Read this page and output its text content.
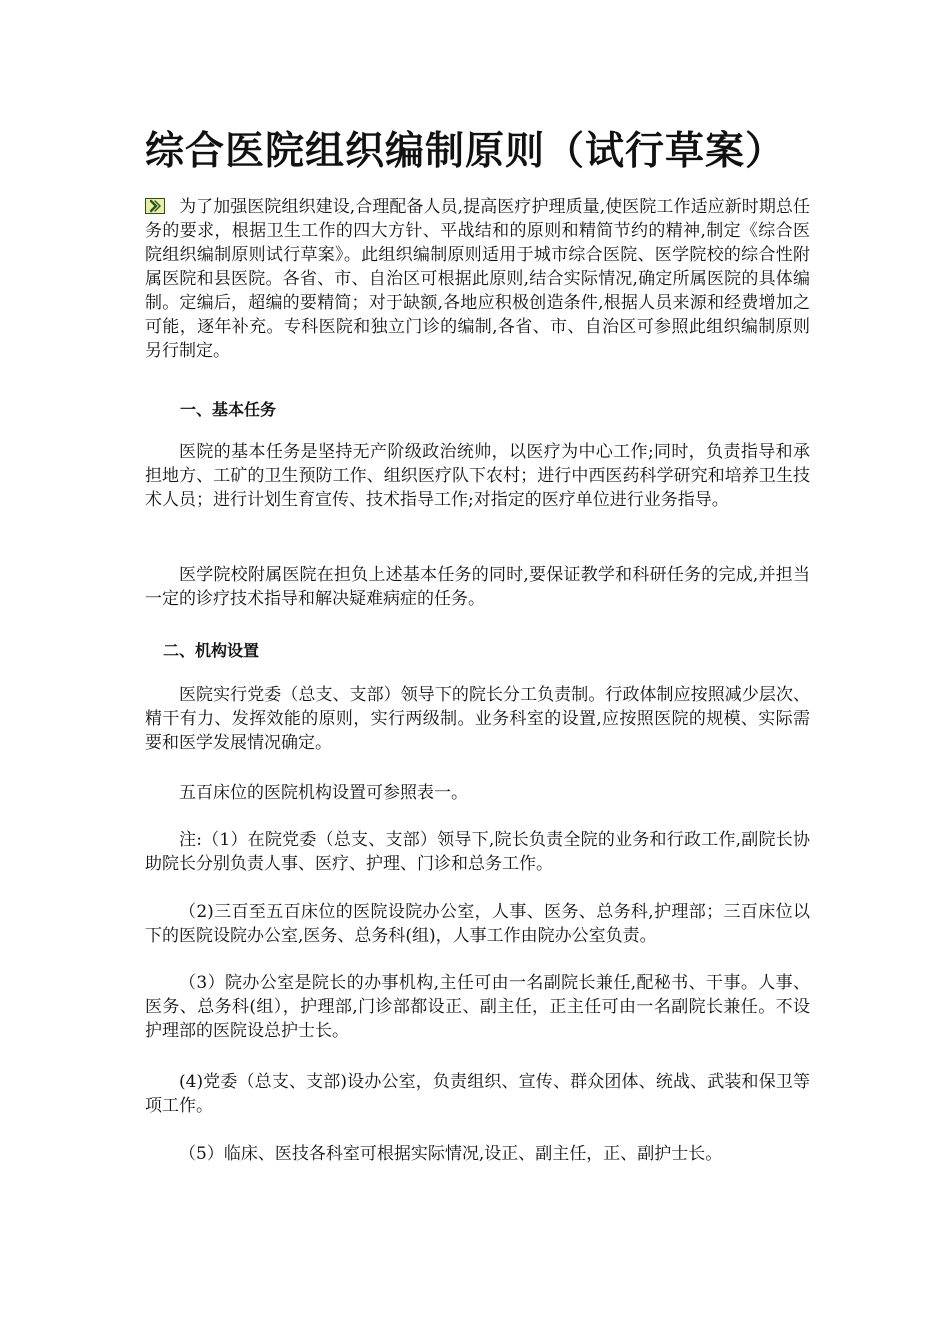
综合医院组织编制原则（试行草案）

为了加强医院组织建设,合理配备人员,提高医疗护理质量,使医院工作适应新时期总任务的要求，根据卫生工作的四大方针、平战结和的原则和精简节约的精神,制定《综合医院组织编制原则试行草案》。此组织编制原则适用于城市综合医院、医学院校的综合性附属医院和县医院。各省、市、自治区可根据此原则,结合实际情况,确定所属医院的具体编制。定编后，超编的要精简；对于缺额,各地应积极创造条件,根据人员来源和经费增加之可能，逐年补充。专科医院和独立门诊的编制,各省、市、自治区可参照此组织编制原则另行制定。

一、基本任务

医院的基本任务是坚持无产阶级政治统帅，以医疗为中心工作;同时，负责指导和承担地方、工矿的卫生预防工作、组织医疗队下农村；进行中西医药科学研究和培养卫生技术人员；进行计划生育宣传、技术指导工作;对指定的医疗单位进行业务指导。

医学院校附属医院在担负上述基本任务的同时,要保证教学和科研任务的完成,并担当一定的诊疗技术指导和解决疑难病症的任务。

二、机构设置

医院实行党委（总支、支部）领导下的院长分工负责制。行政体制应按照减少层次、精干有力、发挥效能的原则，实行两级制。业务科室的设置,应按照医院的规模、实际需要和医学发展情况确定。

五百床位的医院机构设置可参照表一。

注:（1）在院党委（总支、支部）领导下,院长负责全院的业务和行政工作,副院长协助院长分别负责人事、医疗、护理、门诊和总务工作。

（2)三百至五百床位的医院设院办公室，人事、医务、总务科,护理部；三百床位以下的医院设院办公室,医务、总务科(组)，人事工作由院办公室负责。

（3）院办公室是院长的办事机构,主任可由一名副院长兼任,配秘书、干事。人事、医务、总务科(组），护理部,门诊部都设正、副主任，正主任可由一名副院长兼任。不设护理部的医院设总护士长。

(4)党委（总支、支部)设办公室，负责组织、宣传、群众团体、统战、武装和保卫等项工作。

（5）临床、医技各科室可根据实际情况,设正、副主任，正、副护士长。
